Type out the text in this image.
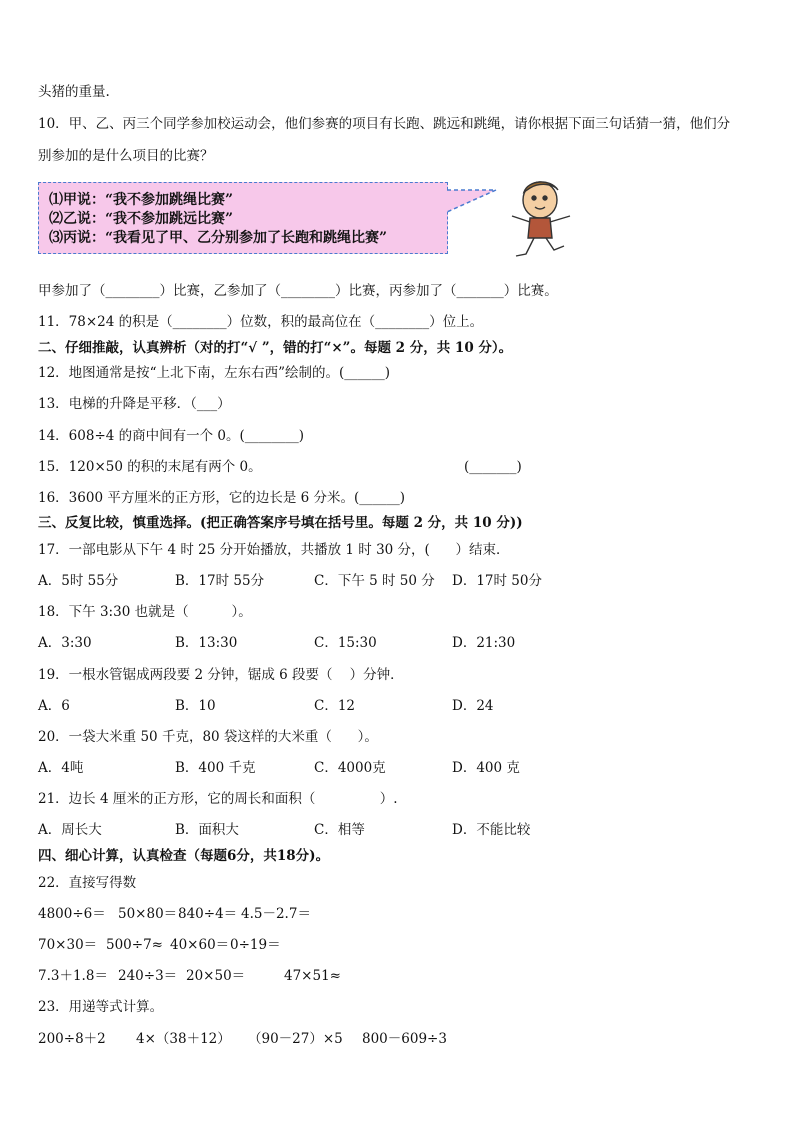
头猪的重量.
10．甲、乙、丙三个同学参加校运动会，他们参赛的项目有长跑、跳远和跳绳，请你根据下面三句话猜一猜，他们分
别参加的是什么项目的比赛？
⑴甲说：“我不参加跳绳比赛”
⑵乙说：“我不参加跳远比赛”
⑶丙说：“我看见了甲、乙分别参加了长跑和跳绳比赛”
甲参加了（________）比赛，乙参加了（________）比赛，丙参加了（_______）比赛。
11．78×24 的积是（________）位数，积的最高位在（________）位上。
二、仔细推敲，认真辨析（对的打“√ ”，错的打“×”。每题 2 分，共 10 分）。
12．地图通常是按“上北下南，左东右西”绘制的。(______)
13．电梯的升降是平移．（___）
14．608÷4 的商中间有一个 0。(________)
15．120×50 的积的末尾有两个 0。	(_______)
16．3600 平方厘米的正方形，它的边长是 6 分米。(______)
三、反复比较，慎重选择。(把正确答案序号填在括号里。每题 2 分，共 10 分))
17．一部电影从下午 4 时 25 分开始播放，共播放 1 时 30 分，(      ）结束．
A．5时 55分	B．17时 55分	C．下午 5 时 50 分 D．17时 50分
18．下午 3:30 也就是（          ）。
A．3:30	B．13:30	C．15:30	D．21:30
19．一根水管锯成两段要 2 分钟，锯成 6 段要（    ）分钟．
A．6	B．10	C．12	D．24
20．一袋大米重 50 千克，80 袋这样的大米重（      ）。
A．4吨	B．400 千克	C．4000克	D．400 克
21．边长 4 厘米的正方形，它的周长和面积（               ）.
A．周长大	B．面积大	C．相等	D．不能比较
四、细心计算，认真检查（每题6分，共18分)。
22．直接写得数
4800÷6＝ 50×80＝ 840÷4＝ 4.5－2.7＝
70×30＝ 500÷7≈ 40×60＝ 0÷19＝
7.3＋1.8＝ 240÷3＝ 20×50＝	47×51≈
23．用递等式计算。
200÷8＋2 4×（38＋12） （90－27）×5 800－609÷3
